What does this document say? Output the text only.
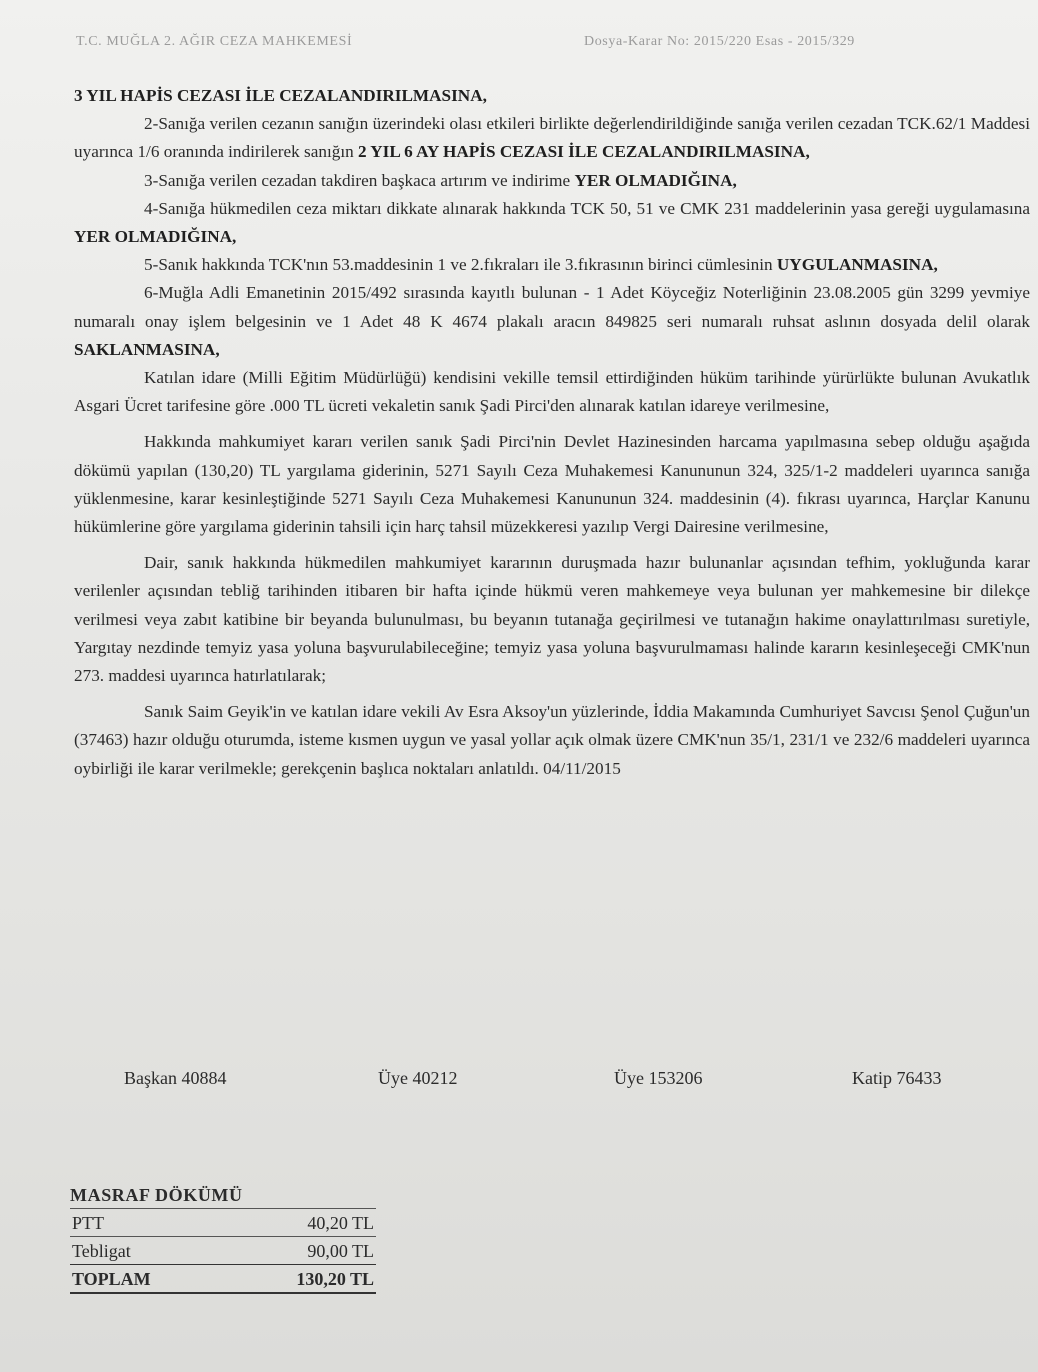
T.C. MUĞLA 2. AĞIR CEZA MAHKEMESİ	Dosya-Karar No: 2015/220 Esas - 2015/329

3 YIL HAPİS CEZASI İLE CEZALANDIRILMASINA,

2-Sanığa verilen cezanın sanığın üzerindeki olası etkileri birlikte değerlendirildiğinde sanığa verilen cezadan TCK.62/1 Maddesi uyarınca 1/6 oranında indirilerek sanığın 2 YIL 6 AY HAPİS CEZASI İLE CEZALANDIRILMASINA,

3-Sanığa verilen cezadan takdiren başkaca artırım ve indirime YER OLMADIĞINA,

4-Sanığa hükmedilen ceza miktarı dikkate alınarak hakkında TCK 50, 51 ve CMK 231 maddelerinin yasa gereği uygulamasına YER OLMADIĞINA,

5-Sanık hakkında TCK'nın 53.maddesinin 1 ve 2.fıkraları ile 3.fıkrasının birinci cümlesinin UYGULANMASINA,

6-Muğla Adli Emanetinin 2015/492 sırasında kayıtlı bulunan - 1 Adet Köyceğiz Noterliğinin 23.08.2005 gün 3299 yevmiye numaralı onay işlem belgesinin ve 1 Adet 48 K 4674 plakalı aracın 849825 seri numaralı ruhsat aslının dosyada delil olarak SAKLANMASINA,

Katılan idare (Milli Eğitim Müdürlüğü) kendisini vekille temsil ettirdiğinden hüküm tarihinde yürürlükte bulunan Avukatlık Asgari Ücret tarifesine göre .000 TL ücreti vekaletin sanık Şadi Pirci'den alınarak katılan idareye verilmesine,

Hakkında mahkumiyet kararı verilen sanık Şadi Pirci'nin Devlet Hazinesinden harcama yapılmasına sebep olduğu aşağıda dökümü yapılan (130,20) TL yargılama giderinin, 5271 Sayılı Ceza Muhakemesi Kanununun 324, 325/1-2 maddeleri uyarınca sanığa yüklenmesine, karar kesinleştiğinde 5271 Sayılı Ceza Muhakemesi Kanununun 324. maddesinin (4). fıkrası uyarınca, Harçlar Kanunu hükümlerine göre yargılama giderinin tahsili için harç tahsil müzekkeresi yazılıp Vergi Dairesine verilmesine,

Dair, sanık hakkında hükmedilen mahkumiyet kararının duruşmada hazır bulunanlar açısından tefhim, yokluğunda karar verilenler açısından tebliğ tarihinden itibaren bir hafta içinde hükmü veren mahkemeye veya bulunan yer mahkemesine bir dilekçe verilmesi veya zabıt katibine bir beyanda bulunulması, bu beyanın tutanağa geçirilmesi ve tutanağın hakime onaylattırılması suretiyle, Yargıtay nezdinde temyiz yasa yoluna başvurulabileceğine; temyiz yasa yoluna başvurulmaması halinde kararın kesinleşeceği CMK'nun 273. maddesi uyarınca hatırlatılarak;

Sanık Saim Geyik'in ve katılan idare vekili Av Esra Aksoy'un yüzlerinde, İddia Makamında Cumhuriyet Savcısı Şenol Çuğun'un (37463) hazır olduğu oturumda, isteme kısmen uygun ve yasal yollar açık olmak üzere CMK'nun 35/1, 231/1 ve 232/6 maddeleri uyarınca oybirliği ile karar verilmekle; gerekçenin başlıca noktaları anlatıldı. 04/11/2015

Başkan 40884	Üye 40212	Üye 153206	Katip 76433
MASRAF DÖKÜMÜ
PTT	40,20 TL
Tebligat	90,00 TL
TOPLAM	130,20 TL
